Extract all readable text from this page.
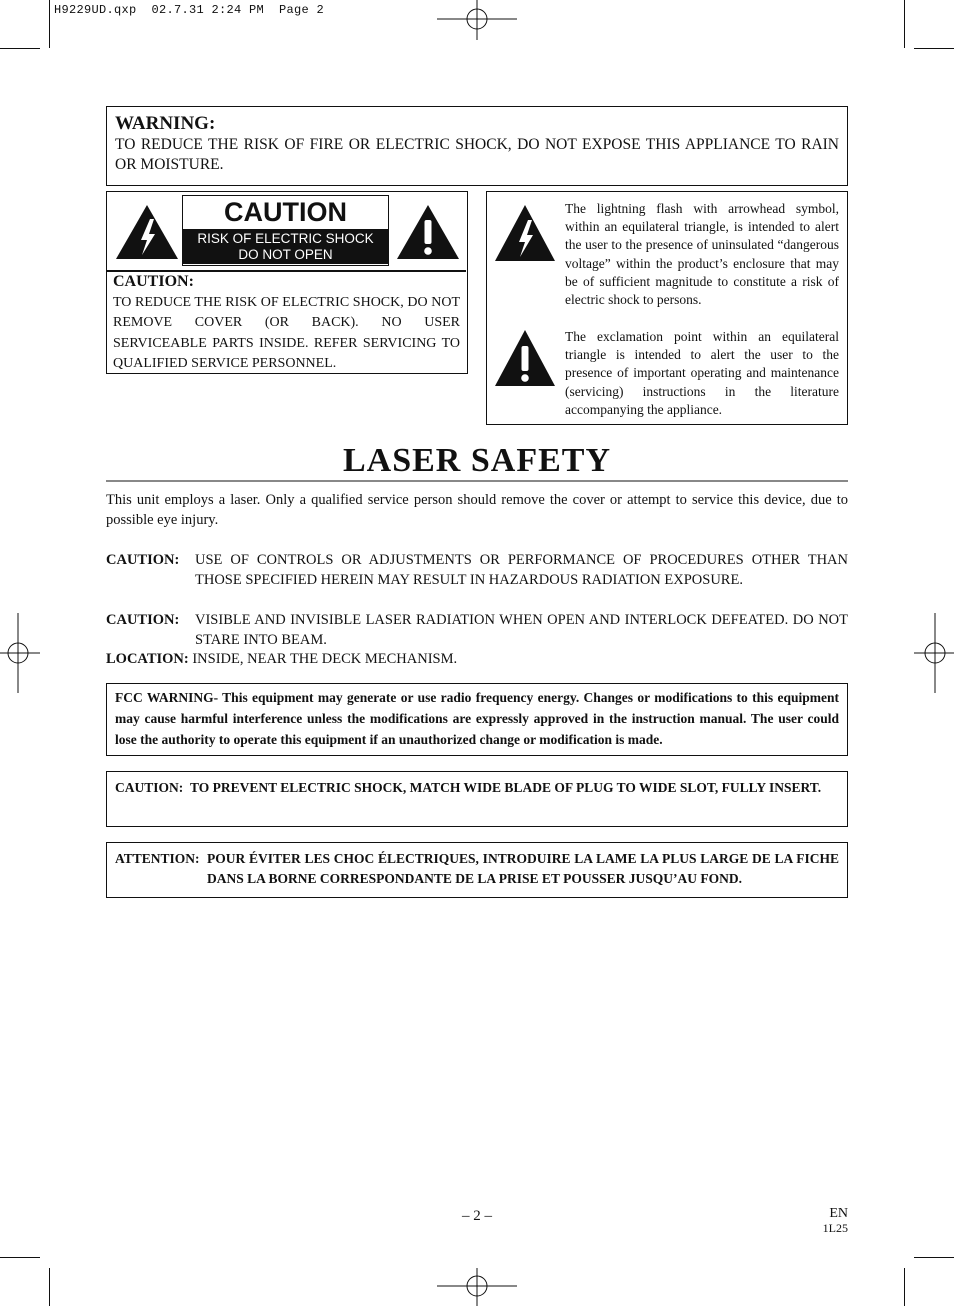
H9229UD.qxp  02.7.31 2:24 PM  Page 2
WARNING:
TO REDUCE THE RISK OF FIRE OR ELECTRIC SHOCK, DO NOT EXPOSE THIS APPLIANCE TO RAIN OR MOISTURE.
CAUTION
RISK OF ELECTRIC SHOCK
DO NOT OPEN
CAUTION:
TO REDUCE THE RISK OF ELECTRIC SHOCK, DO NOT REMOVE COVER (OR BACK). NO USER SERVICEABLE PARTS INSIDE. REFER SERVICING TO QUALIFIED SERVICE PERSONNEL.
The lightning flash with arrowhead symbol, within an equilateral triangle, is intended to alert the user to the presence of uninsulated “dangerous voltage” within the product’s enclosure that may be of sufficient magnitude to constitute a risk of electric shock to persons.
The exclamation point within an equilateral triangle is intended to alert the user to the presence of important operating and maintenance (servicing) instructions in the literature accompanying the appliance.
LASER SAFETY
This unit employs a laser. Only a qualified service person should remove the cover or attempt to service this device, due to possible eye injury.
CAUTION: USE OF CONTROLS OR ADJUSTMENTS OR PERFORMANCE OF PROCEDURES OTHER THAN THOSE SPECIFIED HEREIN MAY RESULT IN HAZARDOUS RADIATION EXPOSURE.
CAUTION: VISIBLE AND INVISIBLE LASER RADIATION WHEN OPEN AND INTERLOCK DEFEATED. DO NOT STARE INTO BEAM.
LOCATION: INSIDE, NEAR THE DECK MECHANISM.
FCC WARNING- This equipment may generate or use radio frequency energy. Changes or modifications to this equipment may cause harmful interference unless the modifications are expressly approved in the instruction manual. The user could lose the authority to operate this equipment if an unauthorized change or modification is made.
CAUTION: TO PREVENT ELECTRIC SHOCK, MATCH WIDE BLADE OF PLUG TO WIDE SLOT, FULLY INSERT.
ATTENTION: POUR ÉVITER LES CHOC ÉLECTRIQUES, INTRODUIRE LA LAME LA PLUS LARGE DE LA FICHE DANS LA BORNE CORRESPONDANTE DE LA PRISE ET POUSSER JUSQU’AU FOND.
– 2 –	EN
1L25
